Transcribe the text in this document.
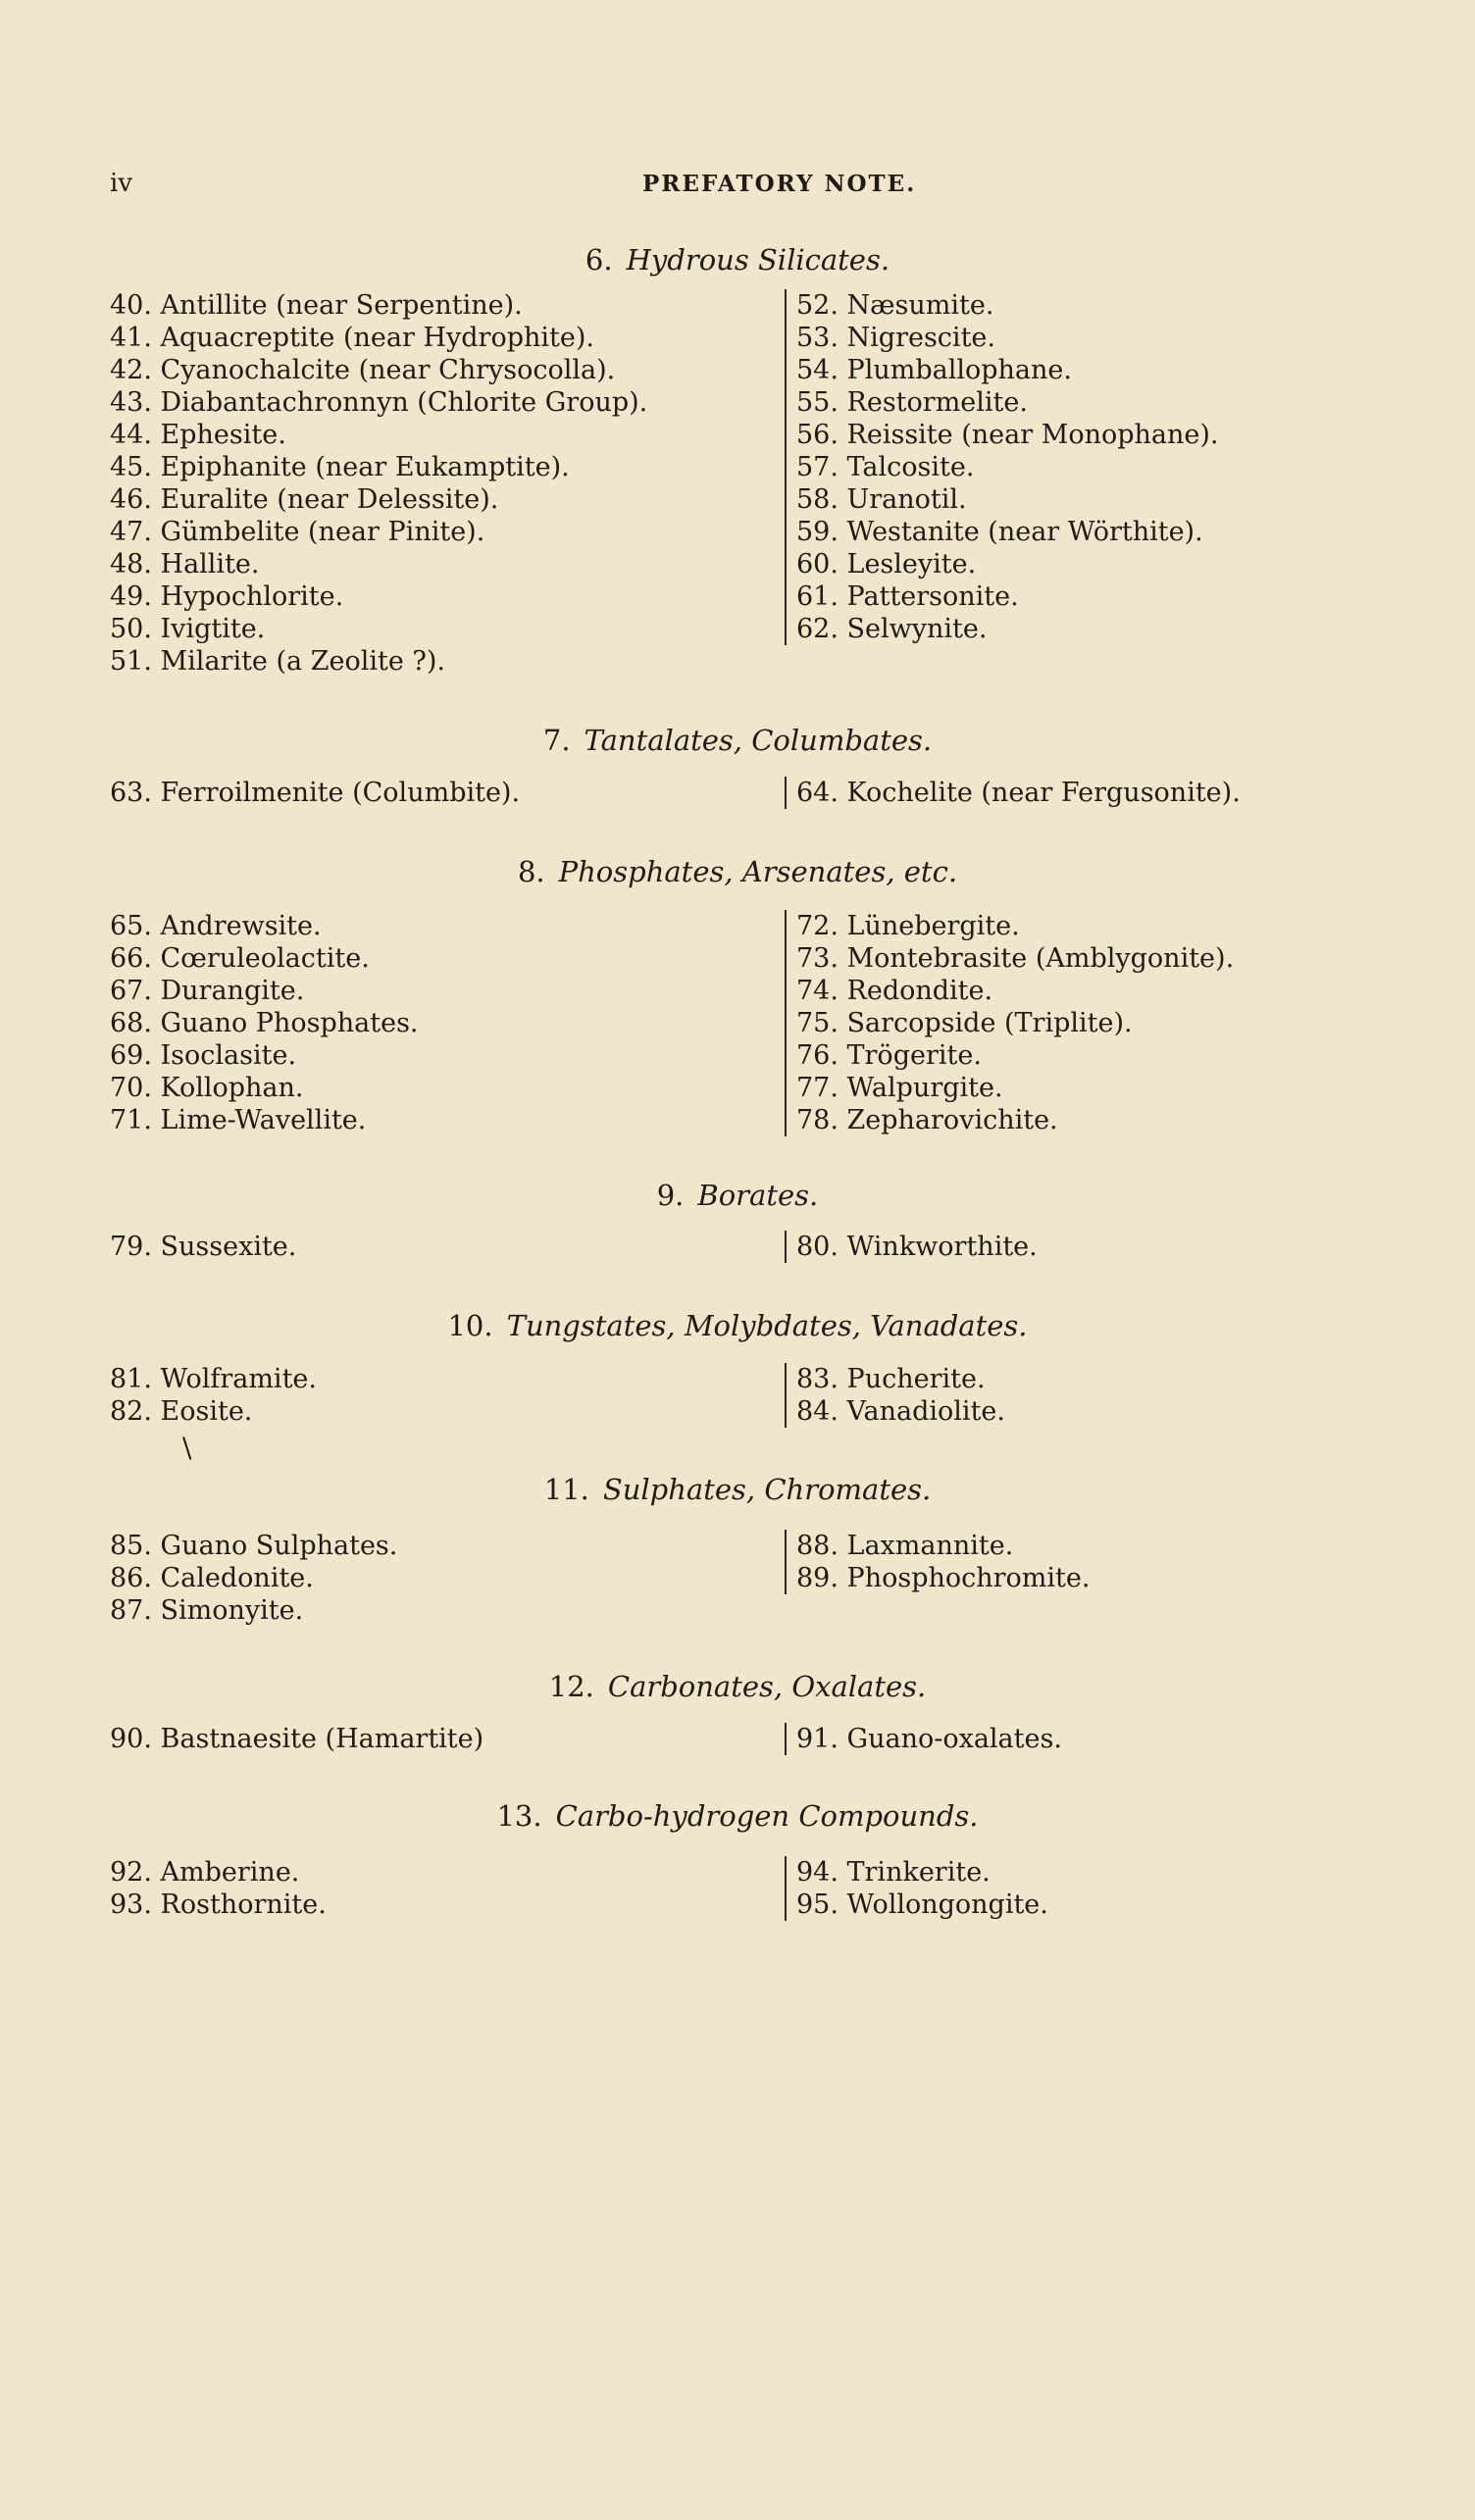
iv	PREFATORY NOTE.
6. Hydrous Silicates.
40. Antillite (near Serpentine).
41. Aquacreptite (near Hydrophite).
42. Cyanochalcite (near Chrysocolla).
43. Diabantachronnyn (Chlorite Group).
44. Ephesite.
45. Epiphanite (near Eukamptite).
46. Euralite (near Delessite).
47. Gümbelite (near Pinite).
48. Hallite.
49. Hypochlorite.
50. Ivigtite.
51. Milarite (a Zeolite ?).
52. Næsumite.
53. Nigrescite.
54. Plumballophane.
55. Restormelite.
56. Reissite (near Monophane).
57. Talcosite.
58. Uranotil.
59. Westanite (near Wörthite).
60. Lesleyite.
61. Pattersonite.
62. Selwynite.
7. Tantalates, Columbates.
63. Ferroilmenite (Columbite).	64. Kochelite (near Fergusonite).
8. Phosphates, Arsenates, etc.
65. Andrewsite.
66. Cœruleolactite.
67. Durangite.
68. Guano Phosphates.
69. Isoclasite.
70. Kollophan.
71. Lime-Wavellite.
72. Lünebergite.
73. Montebrasite (Amblygonite).
74. Redondite.
75. Sarcopside (Triplite).
76. Trögerite.
77. Walpurgite.
78. Zepharovichite.
9. Borates.
79. Sussexite.	80. Winkworthite.
10. Tungstates, Molybdates, Vanadates.
81. Wolframite.
82. Eosite.
83. Pucherite.
84. Vanadiolite.
11. Sulphates, Chromates.
85. Guano Sulphates.
86. Caledonite.
87. Simonyite.
88. Laxmannite.
89. Phosphochromite.
12. Carbonates, Oxalates.
90. Bastnaesite (Hamartite)	91. Guano-oxalates.
13. Carbo-hydrogen Compounds.
92. Amberine.
93. Rosthornite.
94. Trinkerite.
95. Wollongongite.
\
